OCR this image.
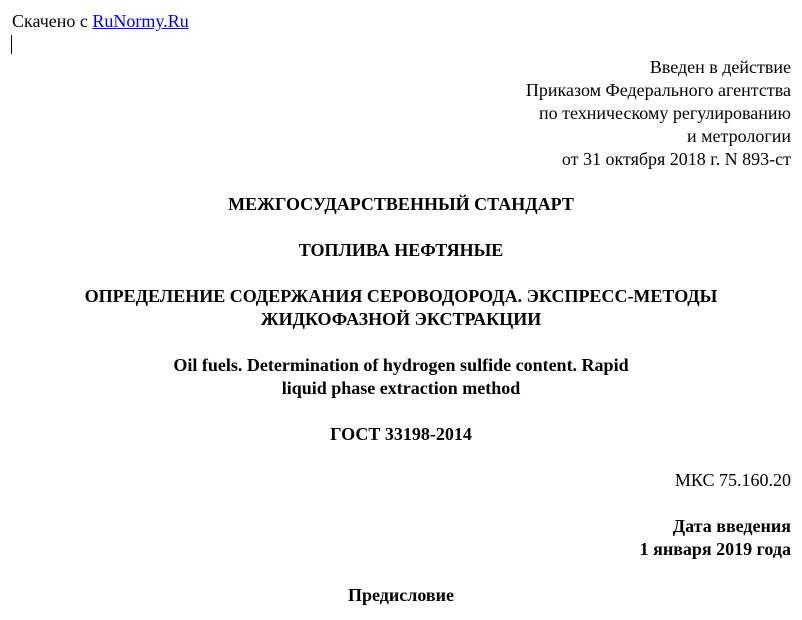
Скачено с RuNormy.Ru
Введен в действие
Приказом Федерального агентства
по техническому регулированию
и метрологии
от 31 октября 2018 г. N 893-ст
МЕЖГОСУДАРСТВЕННЫЙ СТАНДАРТ
ТОПЛИВА НЕФТЯНЫЕ
ОПРЕДЕЛЕНИЕ СОДЕРЖАНИЯ СЕРОВОДОРОДА. ЭКСПРЕСС-МЕТОДЫ
ЖИДКОФАЗНОЙ ЭКСТРАКЦИИ
Oil fuels. Determination of hydrogen sulfide content. Rapid
liquid phase extraction method
ГОСТ 33198-2014
МКС 75.160.20
Дата введения
1 января 2019 года
Предисловие
